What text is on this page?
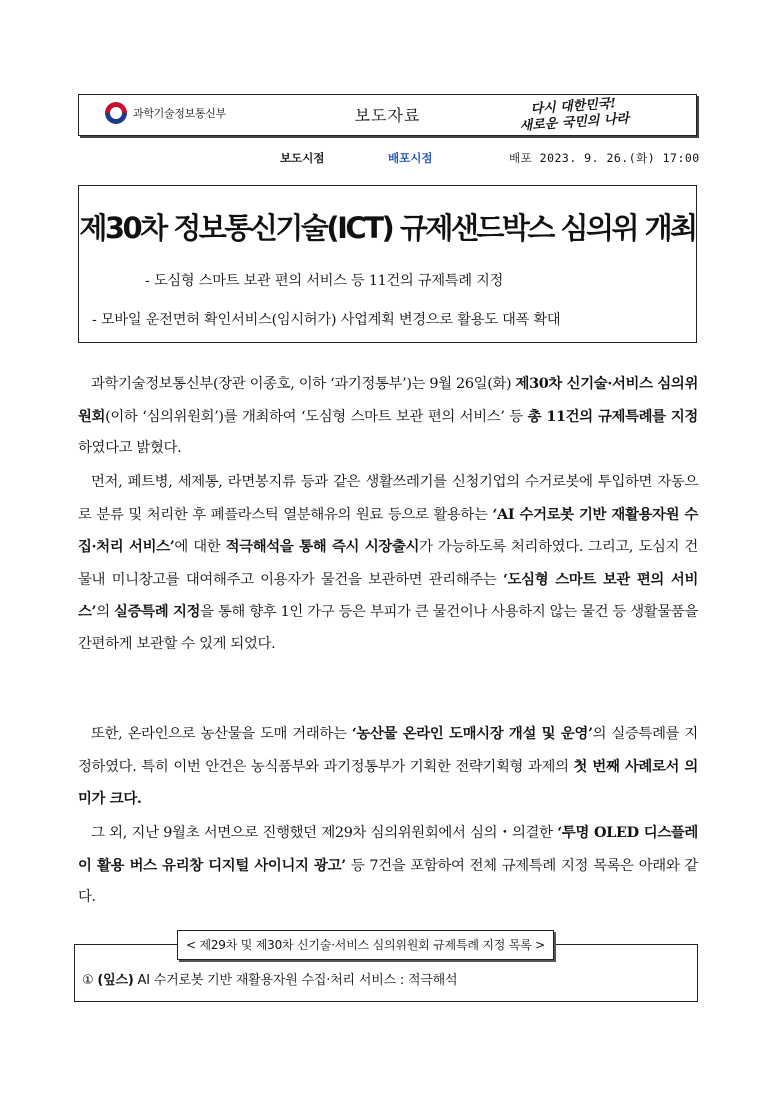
과학기술정보통신부	보도자료	다시 대한민국!
새로운 국민의 나라
보도시점	배포시점	배포 2023. 9. 26.(화) 17:00
제30차 정보통신기술(ICT) 규제샌드박스 심의위 개최
- 도심형 스마트 보관 편의 서비스 등 11건의 규제특례 지정
- 모바일 운전면허 확인서비스(임시허가) 사업계획 변경으로 활용도 대폭 확대

과학기술정보통신부(장관 이종호, 이하 ‘과기정통부’)는 9월 26일(화) 제30차 신기술·서비스 심의위원회(이하 ‘심의위원회’)를 개최하여 ‘도심형 스마트 보관 편의 서비스’ 등 총 11건의 규제특례를 지정하였다고 밝혔다.

먼저, 페트병, 세제통, 라면봉지류 등과 같은 생활쓰레기를 신청기업의 수거로봇에 투입하면 자동으로 분류 및 처리한 후 폐플라스틱 열분해유의 원료 등으로 활용하는 ‘AI 수거로봇 기반 재활용자원 수집·처리 서비스’에 대한 적극해석을 통해 즉시 시장출시가 가능하도록 처리하였다. 그리고, 도심지 건물내 미니창고를 대여해주고 이용자가 물건을 보관하면 관리해주는 ‘도심형 스마트 보관 편의 서비스’의 실증특례 지정을 통해 향후 1인 가구 등은 부피가 큰 물건이나 사용하지 않는 물건 등 생활물품을 간편하게 보관할 수 있게 되었다.

또한, 온라인으로 농산물을 도매 거래하는 ‘농산물 온라인 도매시장 개설 및 운영’의 실증특례를 지정하였다. 특히 이번 안건은 농식품부와 과기정통부가 기획한 전략기획형 과제의 첫 번째 사례로서 의미가 크다.

그 외, 지난 9월초 서면으로 진행했던 제29차 심의위원회에서 심의・의결한 ‘투명 OLED 디스플레이 활용 버스 유리창 디지털 사이니지 광고’ 등 7건을 포함하여 전체 규제특례 지정 목록은 아래와 같다.

< 제29차 및 제30차 신기술·서비스 심의위원회 규제특례 지정 목록 >
① (잎스) AI 수거로봇 기반 재활용자원 수집·처리 서비스 : 적극해석
